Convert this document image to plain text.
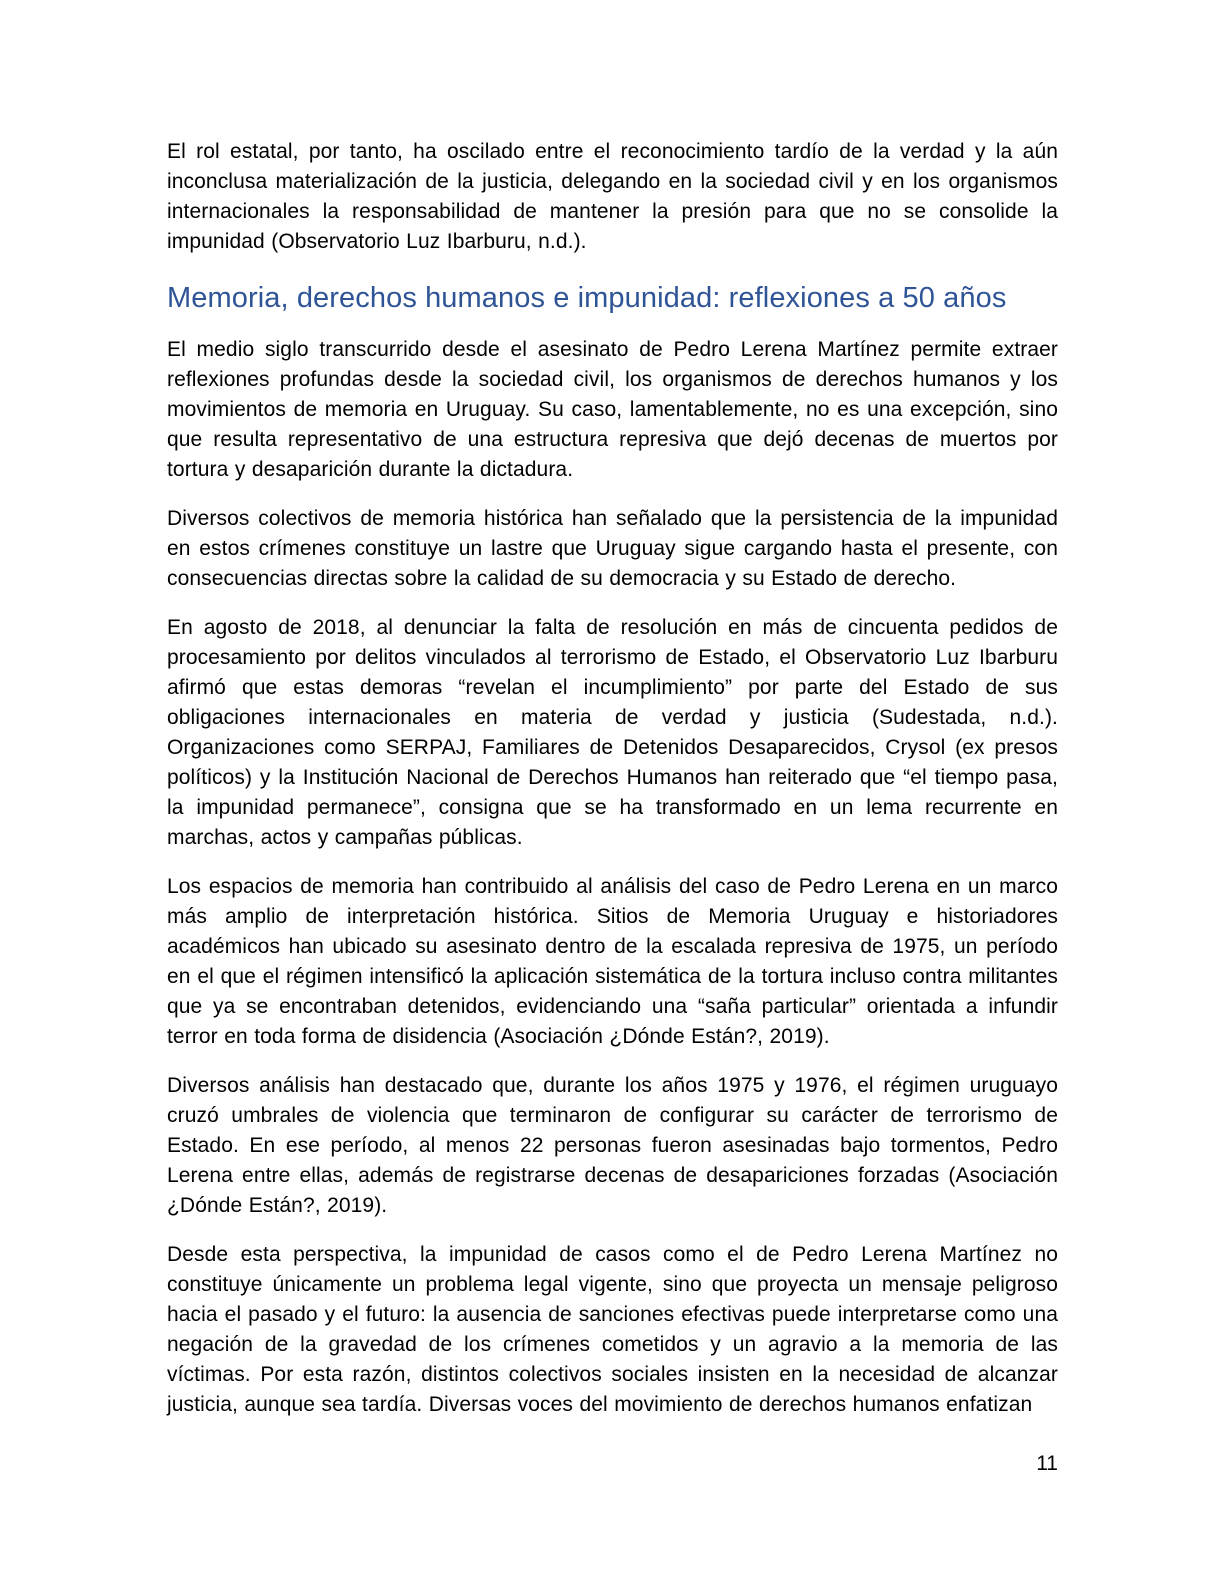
El rol estatal, por tanto, ha oscilado entre el reconocimiento tardío de la verdad y la aún inconclusa materialización de la justicia, delegando en la sociedad civil y en los organismos internacionales la responsabilidad de mantener la presión para que no se consolide la impunidad (Observatorio Luz Ibarburu, n.d.).

Memoria, derechos humanos e impunidad: reflexiones a 50 años

El medio siglo transcurrido desde el asesinato de Pedro Lerena Martínez permite extraer reflexiones profundas desde la sociedad civil, los organismos de derechos humanos y los movimientos de memoria en Uruguay. Su caso, lamentablemente, no es una excepción, sino que resulta representativo de una estructura represiva que dejó decenas de muertos por tortura y desaparición durante la dictadura.

Diversos colectivos de memoria histórica han señalado que la persistencia de la impunidad en estos crímenes constituye un lastre que Uruguay sigue cargando hasta el presente, con consecuencias directas sobre la calidad de su democracia y su Estado de derecho.

En agosto de 2018, al denunciar la falta de resolución en más de cincuenta pedidos de procesamiento por delitos vinculados al terrorismo de Estado, el Observatorio Luz Ibarburu afirmó que estas demoras “revelan el incumplimiento” por parte del Estado de sus obligaciones internacionales en materia de verdad y justicia (Sudestada, n.d.). Organizaciones como SERPAJ, Familiares de Detenidos Desaparecidos, Crysol (ex presos políticos) y la Institución Nacional de Derechos Humanos han reiterado que “el tiempo pasa, la impunidad permanece”, consigna que se ha transformado en un lema recurrente en marchas, actos y campañas públicas.

Los espacios de memoria han contribuido al análisis del caso de Pedro Lerena en un marco más amplio de interpretación histórica. Sitios de Memoria Uruguay e historiadores académicos han ubicado su asesinato dentro de la escalada represiva de 1975, un período en el que el régimen intensificó la aplicación sistemática de la tortura incluso contra militantes que ya se encontraban detenidos, evidenciando una “saña particular” orientada a infundir terror en toda forma de disidencia (Asociación ¿Dónde Están?, 2019).

Diversos análisis han destacado que, durante los años 1975 y 1976, el régimen uruguayo cruzó umbrales de violencia que terminaron de configurar su carácter de terrorismo de Estado. En ese período, al menos 22 personas fueron asesinadas bajo tormentos, Pedro Lerena entre ellas, además de registrarse decenas de desapariciones forzadas (Asociación ¿Dónde Están?, 2019).

Desde esta perspectiva, la impunidad de casos como el de Pedro Lerena Martínez no constituye únicamente un problema legal vigente, sino que proyecta un mensaje peligroso hacia el pasado y el futuro: la ausencia de sanciones efectivas puede interpretarse como una negación de la gravedad de los crímenes cometidos y un agravio a la memoria de las víctimas. Por esta razón, distintos colectivos sociales insisten en la necesidad de alcanzar justicia, aunque sea tardía. Diversas voces del movimiento de derechos humanos enfatizan

11
